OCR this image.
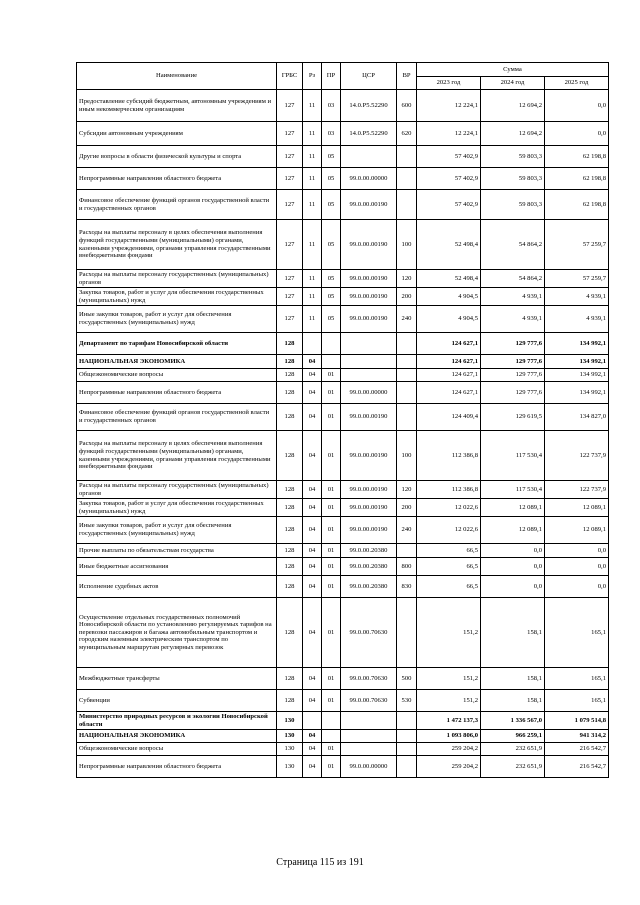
Наименование	ГРБС	Рз	ПР	ЦСР	ВР	Сумма		
						2023 год	2024 год	2025 год
Предоставление субсидий бюджетным, автономным учреждениям и иным некоммерческим организациям	127	11	03	14.0.P5.52290	600	12 224,1	12 694,2	0,0
Субсидии автономным учреждениям	127	11	03	14.0.P5.52290	620	12 224,1	12 694,2	0,0
Другие вопросы в области физической культуры и спорта	127	11	05			57 402,9	59 803,3	62 198,8
Непрограммные направления областного бюджета	127	11	05	99.0.00.00000		57 402,9	59 803,3	62 198,8
Финансовое обеспечение функций органов государственной власти и государственных органов	127	11	05	99.0.00.00190		57 402,9	59 803,3	62 198,8
Расходы на выплаты персоналу в целях обеспечения выполнения функций государственными (муниципальными) органами, казенными учреждениями, органами управления государственными внебюджетными фондами	127	11	05	99.0.00.00190	100	52 498,4	54 864,2	57 259,7
Расходы на выплаты персоналу государственных (муниципальных) органов	127	11	05	99.0.00.00190	120	52 498,4	54 864,2	57 259,7
Закупка товаров, работ и услуг для обеспечения государственных (муниципальных) нужд	127	11	05	99.0.00.00190	200	4 904,5	4 939,1	4 939,1
Иные закупки товаров, работ и услуг для обеспечения государственных (муниципальных) нужд	127	11	05	99.0.00.00190	240	4 904,5	4 939,1	4 939,1
Департамент по тарифам Новосибирской области	128					124 627,1	129 777,6	134 992,1
НАЦИОНАЛЬНАЯ ЭКОНОМИКА	128	04				124 627,1	129 777,6	134 992,1
Общеэкономические вопросы	128	04	01			124 627,1	129 777,6	134 992,1
Непрограммные направления областного бюджета	128	04	01	99.0.00.00000		124 627,1	129 777,6	134 992,1
Финансовое обеспечение функций органов государственной власти и государственных органов	128	04	01	99.0.00.00190		124 409,4	129 619,5	134 827,0
Расходы на выплаты персоналу в целях обеспечения выполнения функций государственными (муниципальными) органами, казенными учреждениями, органами управления государственными внебюджетными фондами	128	04	01	99.0.00.00190	100	112 386,8	117 530,4	122 737,9
Расходы на выплаты персоналу государственных (муниципальных) органов	128	04	01	99.0.00.00190	120	112 386,8	117 530,4	122 737,9
Закупка товаров, работ и услуг для обеспечения государственных (муниципальных) нужд	128	04	01	99.0.00.00190	200	12 022,6	12 089,1	12 089,1
Иные закупки товаров, работ и услуг для обеспечения государственных (муниципальных) нужд	128	04	01	99.0.00.00190	240	12 022,6	12 089,1	12 089,1
Прочие выплаты по обязательствам государства	128	04	01	99.0.00.20380		66,5	0,0	0,0
Иные бюджетные ассигнования	128	04	01	99.0.00.20380	800	66,5	0,0	0,0
Исполнение судебных актов	128	04	01	99.0.00.20380	830	66,5	0,0	0,0
Осуществление отдельных государственных полномочий Новосибирской области по установлению регулируемых тарифов на перевозки пассажиров и багажа автомобильным транспортом и городским наземным электрическим транспортом по муниципальным маршрутам регулярных перевозок	128	04	01	99.0.00.70630		151,2	158,1	165,1
Межбюджетные трансферты	128	04	01	99.0.00.70630	500	151,2	158,1	165,1
Субвенции	128	04	01	99.0.00.70630	530	151,2	158,1	165,1
Министерство природных ресурсов и экологии Новосибирской области	130					1 472 137,3	1 336 567,0	1 079 514,8
НАЦИОНАЛЬНАЯ ЭКОНОМИКА	130	04				1 093 806,0	966 259,1	941 314,2
Общеэкономические вопросы	130	04	01			259 204,2	232 651,9	216 542,7
Непрограммные направления областного бюджета	130	04	01	99.0.00.00000		259 204,2	232 651,9	216 542,7
Страница 115 из 191
